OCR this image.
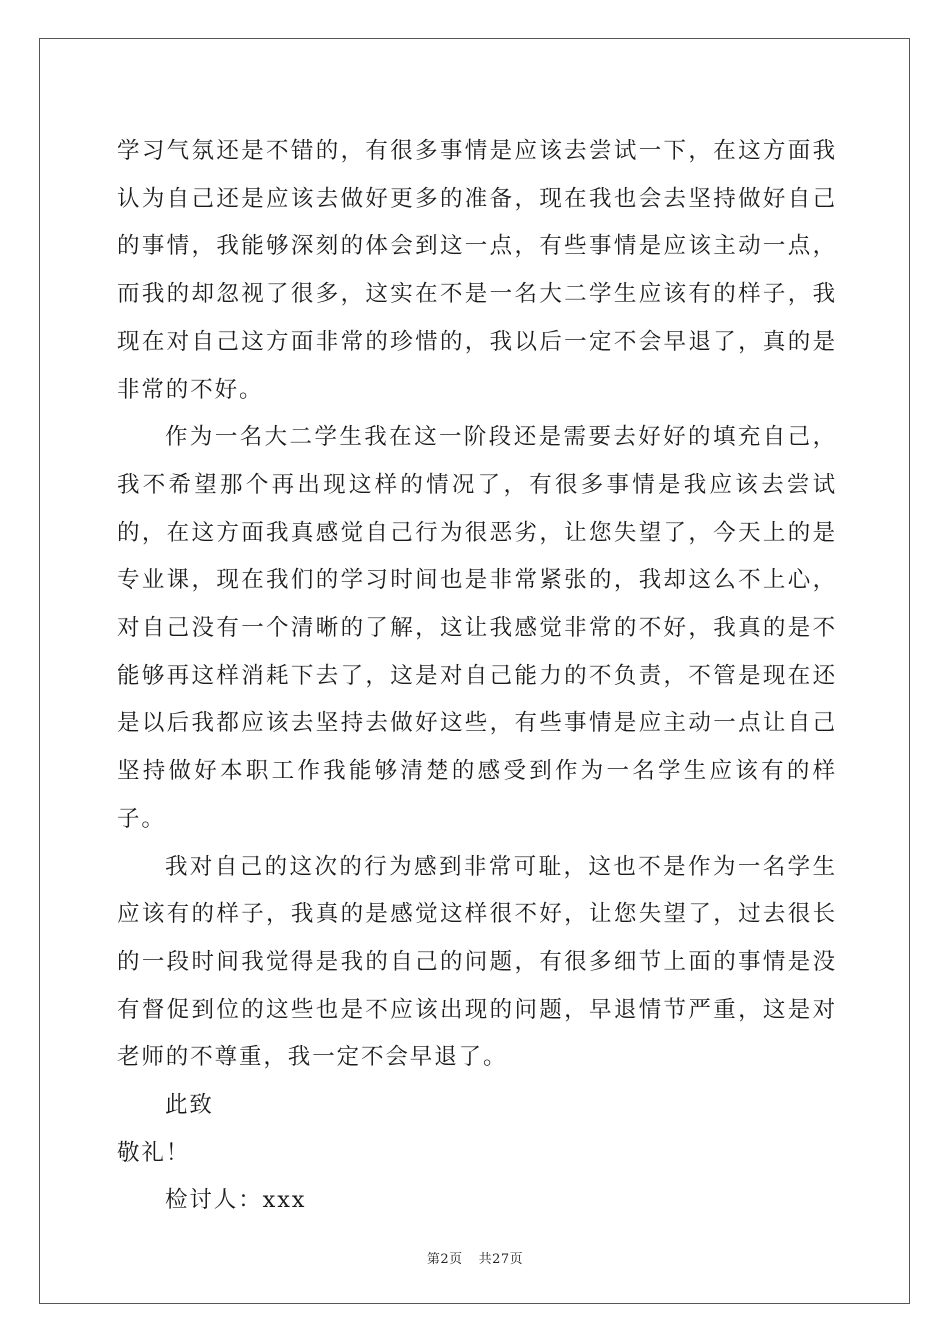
学习气氛还是不错的，有很多事情是应该去尝试一下，在这方面我认为自己还是应该去做好更多的准备，现在我也会去坚持做好自己的事情，我能够深刻的体会到这一点，有些事情是应该主动一点，而我的却忽视了很多，这实在不是一名大二学生应该有的样子，我现在对自己这方面非常的珍惜的，我以后一定不会早退了，真的是非常的不好。

作为一名大二学生我在这一阶段还是需要去好好的填充自己，我不希望那个再出现这样的情况了，有很多事情是我应该去尝试的，在这方面我真感觉自己行为很恶劣，让您失望了，今天上的是专业课，现在我们的学习时间也是非常紧张的，我却这么不上心，对自己没有一个清晰的了解，这让我感觉非常的不好，我真的是不能够再这样消耗下去了，这是对自己能力的不负责，不管是现在还是以后我都应该去坚持去做好这些，有些事情是应主动一点让自己坚持做好本职工作我能够清楚的感受到作为一名学生应该有的样子。

我对自己的这次的行为感到非常可耻，这也不是作为一名学生应该有的样子，我真的是感觉这样很不好，让您失望了，过去很长的一段时间我觉得是我的自己的问题，有很多细节上面的事情是没有督促到位的这些也是不应该出现的问题，早退情节严重，这是对老师的不尊重，我一定不会早退了。

此致

敬礼！

检讨人：xxx

第2页 共27页
